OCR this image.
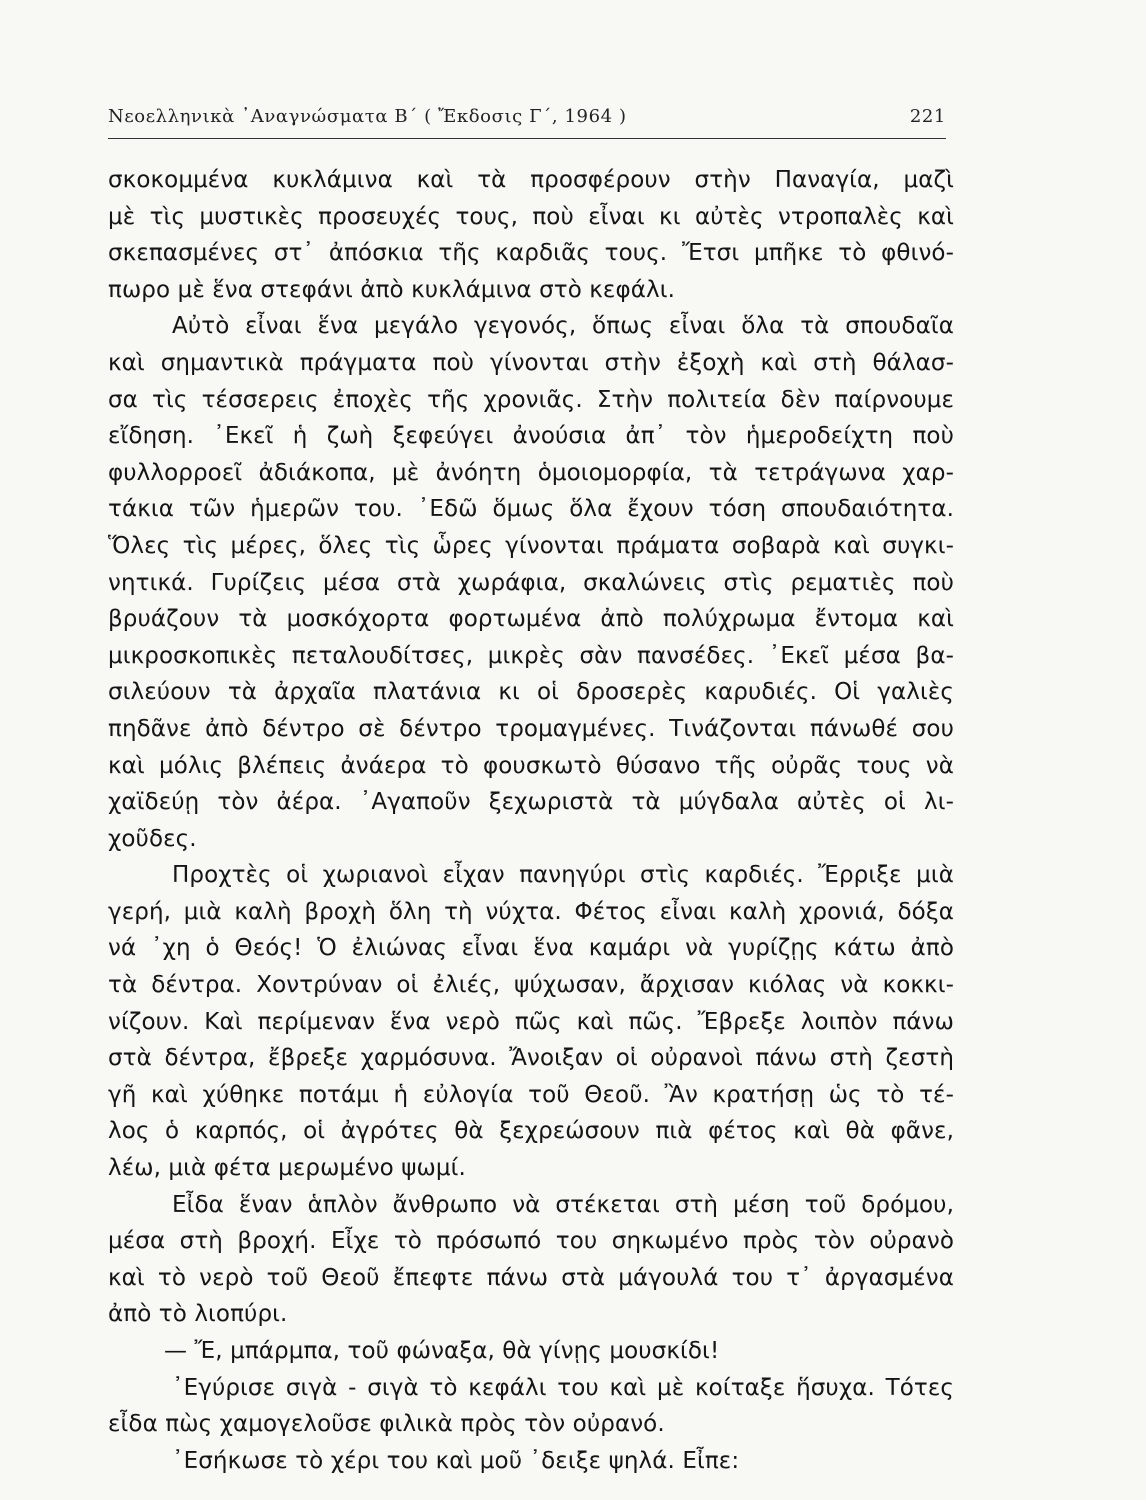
Νεοελληνικὰ ᾿Αναγνώσματα Β΄ ( Ἔκδοσις Γ΄, 1964 )	221
σκοκομμένα κυκλάμινα καὶ τὰ προσφέρουν στὴν Παναγία, μαζὶ
μὲ τὶς μυστικὲς προσευχές τους, ποὺ εἶναι κι αὐτὲς ντροπαλὲς καὶ
σκεπασμένες στ᾿ ἀπόσκια τῆς καρδιᾶς τους. Ἔτσι μπῆκε τὸ φθινό-
πωρο μὲ ἕνα στεφάνι ἀπὸ κυκλάμινα στὸ κεφάλι.
Αὐτὸ εἶναι ἕνα μεγάλο γεγονός, ὅπως εἶναι ὅλα τὰ σπουδαῖα
καὶ σημαντικὰ πράγματα ποὺ γίνονται στὴν ἐξοχὴ καὶ στὴ θάλασ-
σα τὶς τέσσερεις ἐποχὲς τῆς χρονιᾶς. Στὴν πολιτεία δὲν παίρνουμε
εἴδηση. ᾿Εκεῖ ἡ ζωὴ ξεφεύγει ἀνούσια ἀπ᾿ τὸν ἡμεροδείχτη ποὺ
φυλλορροεῖ ἀδιάκοπα, μὲ ἀνόητη ὁμοιομορφία, τὰ τετράγωνα χαρ-
τάκια τῶν ἡμερῶν του. ᾿Εδῶ ὅμως ὅλα ἔχουν τόση σπουδαιότητα.
Ὅλες τὶς μέρες, ὅλες τὶς ὧρες γίνονται πράματα σοβαρὰ καὶ συγκι-
νητικά. Γυρίζεις μέσα στὰ χωράφια, σκαλώνεις στὶς ρεματιὲς ποὺ
βρυάζουν τὰ μοσκόχορτα φορτωμένα ἀπὸ πολύχρωμα ἔντομα καὶ
μικροσκοπικὲς πεταλουδίτσες, μικρὲς σὰν πανσέδες. ᾿Εκεῖ μέσα βα-
σιλεύουν τὰ ἀρχαῖα πλατάνια κι οἱ δροσερὲς καρυδιές. Οἱ γαλιὲς
πηδᾶνε ἀπὸ δέντρο σὲ δέντρο τρομαγμένες. Τινάζονται πάνωθέ σου
καὶ μόλις βλέπεις ἀνάερα τὸ φουσκωτὸ θύσανο τῆς οὐρᾶς τους νὰ
χαϊδεύῃ τὸν ἀέρα. ᾿Αγαποῦν ξεχωριστὰ τὰ μύγδαλα αὐτὲς οἱ λι-
χοῦδες.
Προχτὲς οἱ χωριανοὶ εἶχαν πανηγύρι στὶς καρδιές. Ἔρριξε μιὰ
γερή, μιὰ καλὴ βροχὴ ὅλη τὴ νύχτα. Φέτος εἶναι καλὴ χρονιά, δόξα
νά ᾿χη ὁ Θεός! Ὁ ἐλιώνας εἶναι ἕνα καμάρι νὰ γυρίζῃς κάτω ἀπὸ
τὰ δέντρα. Χοντρύναν οἱ ἐλιές, ψύχωσαν, ἄρχισαν κιόλας νὰ κοκκι-
νίζουν. Καὶ περίμεναν ἕνα νερὸ πῶς καὶ πῶς. Ἔβρεξε λοιπὸν πάνω
στὰ δέντρα, ἔβρεξε χαρμόσυνα. Ἄνοιξαν οἱ οὐρανοὶ πάνω στὴ ζεστὴ
γῆ καὶ χύθηκε ποτάμι ἡ εὐλογία τοῦ Θεοῦ. Ἂν κρατήσῃ ὡς τὸ τέ-
λος ὁ καρπός, οἱ ἀγρότες θὰ ξεχρεώσουν πιὰ φέτος καὶ θὰ φᾶνε,
λέω, μιὰ φέτα μερωμένο ψωμί.
Εἶδα ἕναν ἁπλὸν ἄνθρωπο νὰ στέκεται στὴ μέση τοῦ δρόμου,
μέσα στὴ βροχή. Εἶχε τὸ πρόσωπό του σηκωμένο πρὸς τὸν οὐρανὸ
καὶ τὸ νερὸ τοῦ Θεοῦ ἔπεφτε πάνω στὰ μάγουλά του τ᾿ ἀργασμένα
ἀπὸ τὸ λιοπύρι.
— Ἔ, μπάρμπα, τοῦ φώναξα, θὰ γίνῃς μουσκίδι!
᾿Εγύρισε σιγὰ - σιγὰ τὸ κεφάλι του καὶ μὲ κοίταξε ἥσυχα. Τότες
εἶδα πὼς χαμογελοῦσε φιλικὰ πρὸς τὸν οὐρανό.
᾿Εσήκωσε τὸ χέρι του καὶ μοῦ ᾿δειξε ψηλά. Εἶπε:
